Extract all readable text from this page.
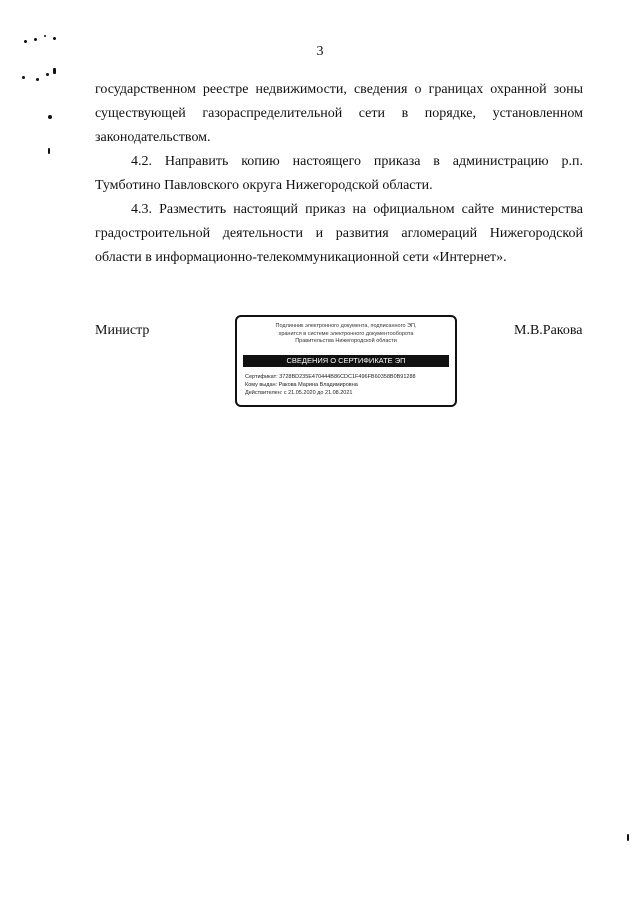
3
государственном реестре недвижимости, сведения о границах охранной зоны существующей газораспределительной сети в порядке, установленном законодательством.
4.2. Направить копию настоящего приказа в администрацию р.п. Тумботино Павловского округа Нижегородской области.
4.3. Разместить настоящий приказ на официальном сайте министерства градостроительной деятельности и развития агломераций Нижегородской области в информационно-телекоммуникационной сети «Интернет».
Министр	М.В.Ракова
Подлинник электронного документа, подписанного ЭП,
хранится в системе электронного документооборота
Правительства Нижегородской области
СВЕДЕНИЯ О СЕРТИФИКАТЕ ЭП
Сертификат: 3728BD235E470444B86CDC1F496FB60358B0B91288
Кому выдан: Ракова Марина Владимировна
Действителен: с 21.05.2020 до 21.08.2021
